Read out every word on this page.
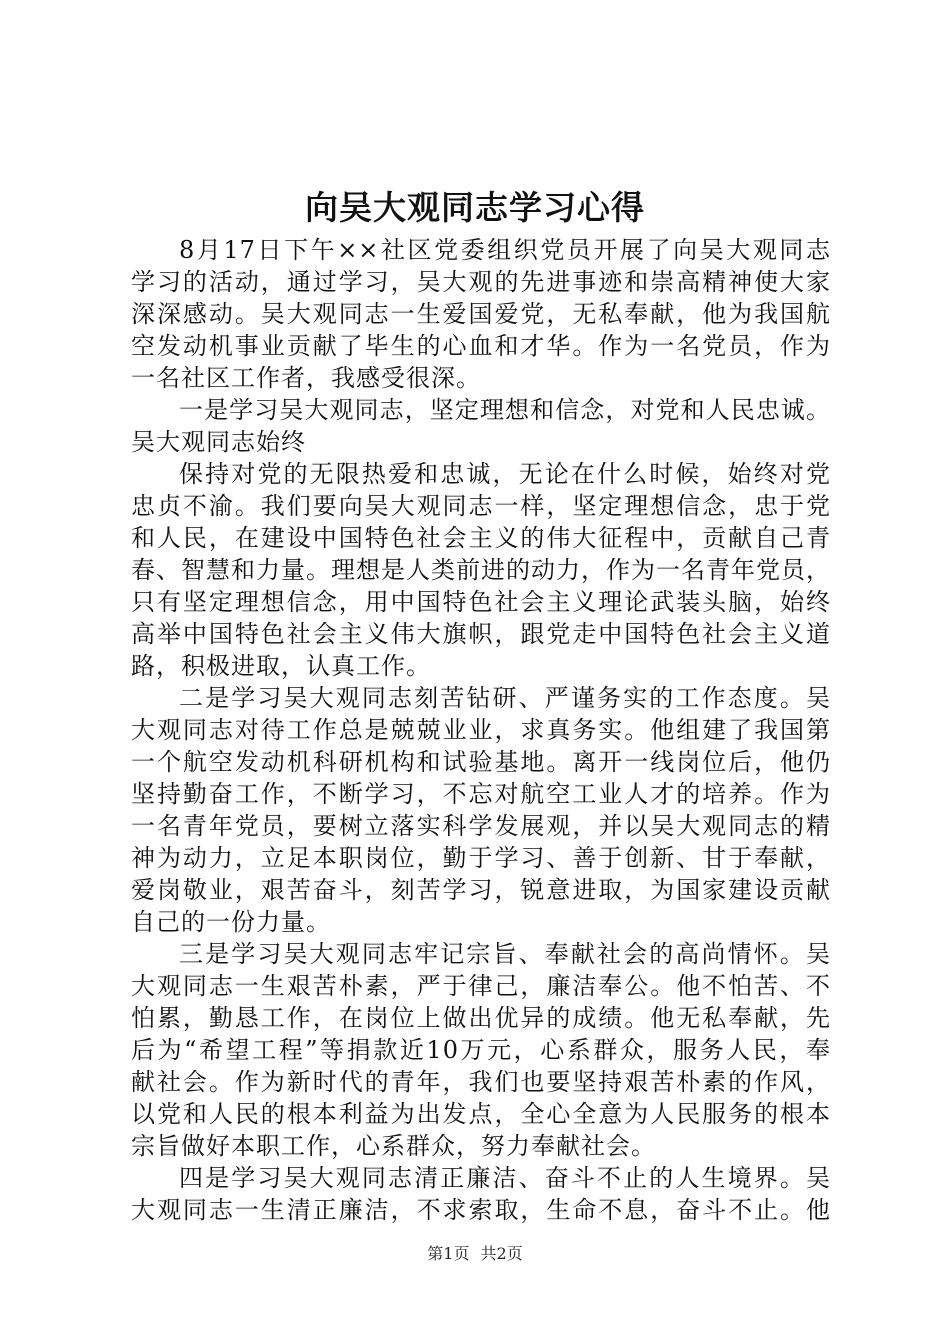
向吴大观同志学习心得
8月17日下午××社区党委组织党员开展了向吴大观同志
学习的活动，通过学习，吴大观的先进事迹和崇高精神使大家
深深感动。吴大观同志一生爱国爱党，无私奉献，他为我国航
空发动机事业贡献了毕生的心血和才华。作为一名党员，作为
一名社区工作者，我感受很深。
一是学习吴大观同志，坚定理想和信念，对党和人民忠诚。
吴大观同志始终
保持对党的无限热爱和忠诚，无论在什么时候，始终对党
忠贞不渝。我们要向吴大观同志一样，坚定理想信念，忠于党
和人民，在建设中国特色社会主义的伟大征程中，贡献自己青
春、智慧和力量。理想是人类前进的动力，作为一名青年党员，
只有坚定理想信念，用中国特色社会主义理论武装头脑，始终
高举中国特色社会主义伟大旗帜，跟党走中国特色社会主义道
路，积极进取，认真工作。
二是学习吴大观同志刻苦钻研、严谨务实的工作态度。吴
大观同志对待工作总是兢兢业业，求真务实。他组建了我国第
一个航空发动机科研机构和试验基地。离开一线岗位后，他仍
坚持勤奋工作，不断学习，不忘对航空工业人才的培养。作为
一名青年党员，要树立落实科学发展观，并以吴大观同志的精
神为动力，立足本职岗位，勤于学习、善于创新、甘于奉献，
爱岗敬业，艰苦奋斗，刻苦学习，锐意进取，为国家建设贡献
自己的一份力量。
三是学习吴大观同志牢记宗旨、奉献社会的高尚情怀。吴
大观同志一生艰苦朴素，严于律己，廉洁奉公。他不怕苦、不
怕累，勤恳工作，在岗位上做出优异的成绩。他无私奉献，先
后为“希望工程”等捐款近10万元，心系群众，服务人民，奉
献社会。作为新时代的青年，我们也要坚持艰苦朴素的作风，
以党和人民的根本利益为出发点，全心全意为人民服务的根本
宗旨做好本职工作，心系群众，努力奉献社会。
四是学习吴大观同志清正廉洁、奋斗不止的人生境界。吴
大观同志一生清正廉洁，不求索取，生命不息，奋斗不止。他
第1页 共2页
